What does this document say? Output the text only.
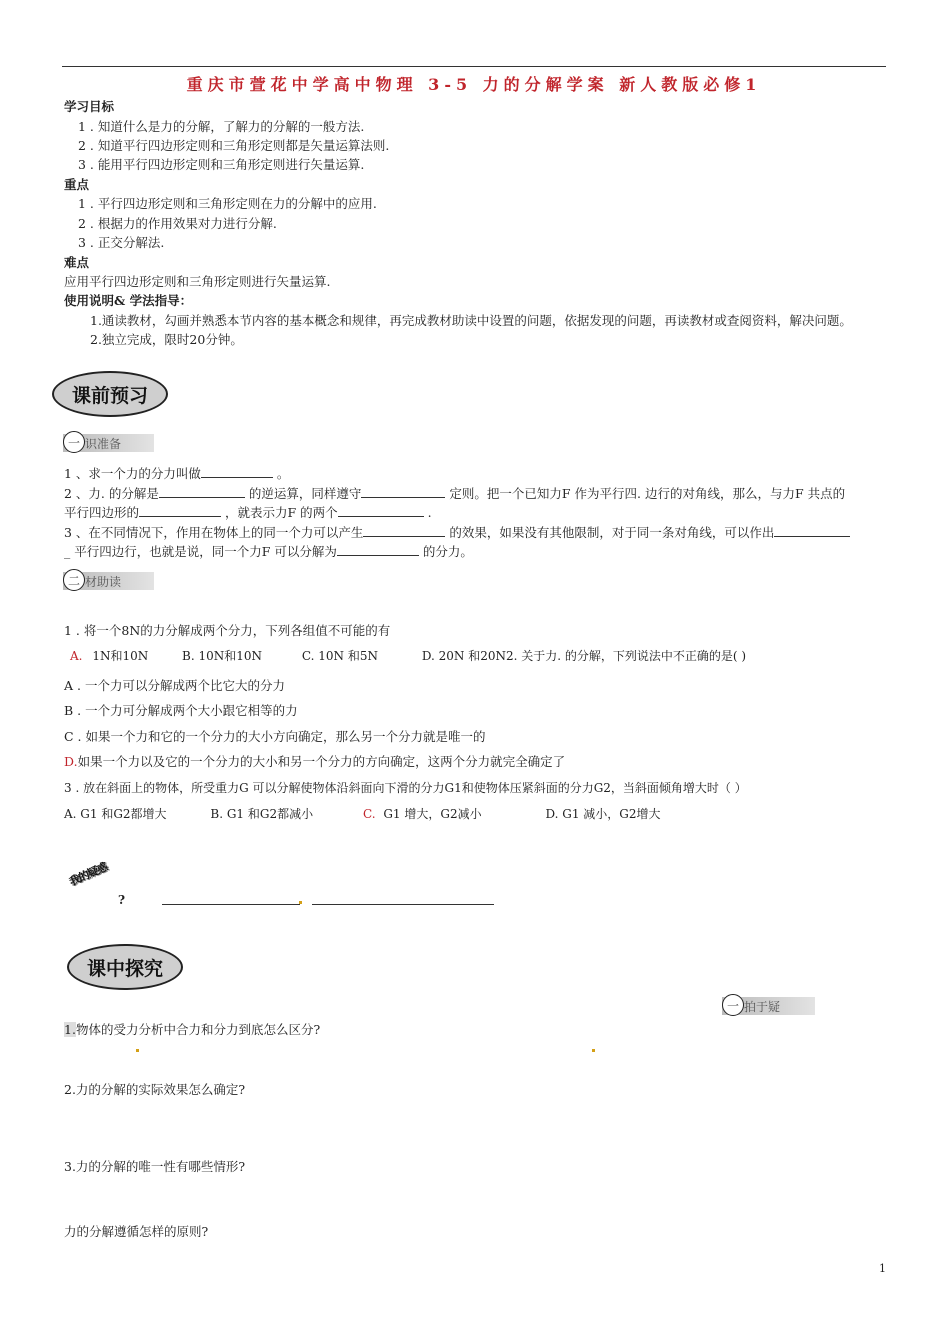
重庆市萱花中学高中物理 3-5 力的分解学案 新人教版必修1
学习目标
1 . 知道什么是力的分解，了解力的分解的一般方法.
2 . 知道平行四边形定则和三角形定则都是矢量运算法则.
3 . 能用平行四边形定则和三角形定则进行矢量运算.
重点
1 . 平行四边形定则和三角形定则在力的分解中的应用.
2 . 根据力的作用效果对力进行分解.
3 . 正交分解法.
难点
应用平行四边形定则和三角形定则进行矢量运算.
使用说明& 学法指导：
1.通读教材，勾画并熟悉本节内容的基本概念和规律，再完成教材助读中设置的问题，依据发现的问题，再读教材或查阅资料，解决问题。
2.独立完成，限时20分钟。
课前预习
一 识准备
1 、求一个力的分力叫做	。
2 、力. 的分解是	的逆运算，同样遵守	定则。把一个已知力F 作为平行四. 边行的对角线，那么，与力F 共点的
平行四边形的	，就表示力F 的两个	.
3 、在不同情况下，作用在物体上的同一个力可以产生	的效果，如果没有其他限制，对于同一条对角线，可以作出
_ 平行四边行，也就是说，同一个力F 可以分解为	的分力。
二 材助读
1 . 将一个8N的力分解成两个分力，下列各组值不可能的有
A. 1N和10N	B. 10N和10N	C. 10N 和5N	D. 20N 和20N2. 关于力. 的分解，下列说法中不正确的是( )
A . 一个力可以分解成两个比它大的分力
B . 一个力可分解成两个大小跟它相等的力
C . 如果一个力和它的一个分力的大小方向确定，那么另一个分力就是唯一的
D.如果一个力以及它的一个分力的大小和另一个分力的方向确定，这两个分力就完全确定了
3 . 放在斜面上的物体，所受重力G 可以分解使物体沿斜面向下滑的分力G1和使物体压紧斜面的分力G2，当斜面倾角增大时（ ）
A. G1 和G2都增大	B. G1 和G2都减小	C. G1 增大，G2减小	D. G1 减小，G2增大
我的疑惑
?
课中探究
一 拍于疑
1.物体的受力分析中合力和分力到底怎么区分?
2.力的分解的实际效果怎么确定?
3.力的分解的唯一性有哪些情形?
力的分解遵循怎样的原则?
1
